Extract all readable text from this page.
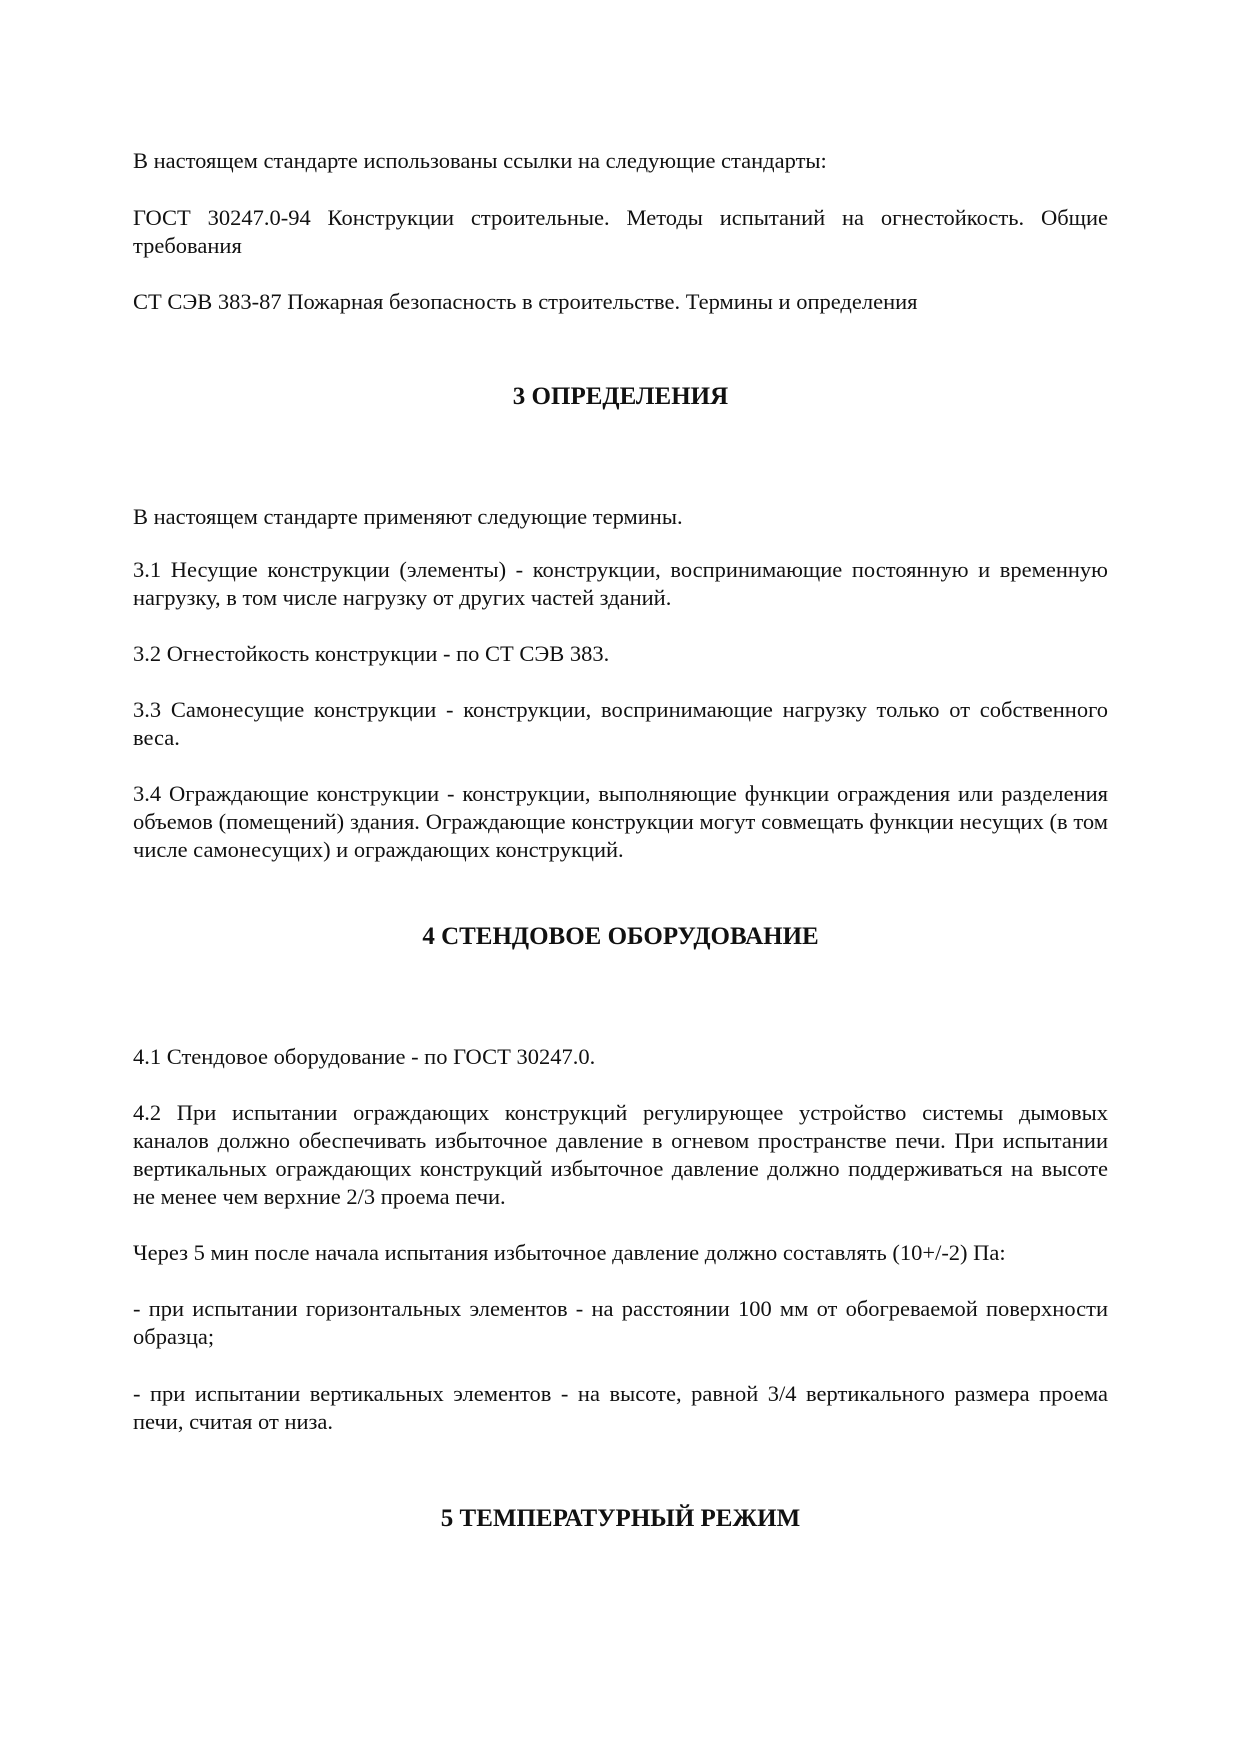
В настоящем стандарте использованы ссылки на следующие стандарты:

ГОСТ 30247.0-94 Конструкции строительные. Методы испытаний на огнестойкость. Общие требования

СТ СЭВ 383-87 Пожарная безопасность в строительстве. Термины и определения

3 ОПРЕДЕЛЕНИЯ

В настоящем стандарте применяют следующие термины.

3.1 Несущие конструкции (элементы) - конструкции, воспринимающие постоянную и временную нагрузку, в том числе нагрузку от других частей зданий.

3.2 Огнестойкость конструкции - по СТ СЭВ 383.

3.3 Самонесущие конструкции - конструкции, воспринимающие нагрузку только от собственного веса.

3.4 Ограждающие конструкции - конструкции, выполняющие функции ограждения или разделения объемов (помещений) здания. Ограждающие конструкции могут совмещать функции несущих (в том числе самонесущих) и ограждающих конструкций.

4 СТЕНДОВОЕ ОБОРУДОВАНИЕ

4.1 Стендовое оборудование - по ГОСТ 30247.0.

4.2 При испытании ограждающих конструкций регулирующее устройство системы дымовых каналов должно обеспечивать избыточное давление в огневом пространстве печи. При испытании вертикальных ограждающих конструкций избыточное давление должно поддерживаться на высоте не менее чем верхние 2/3 проема печи.

Через 5 мин после начала испытания избыточное давление должно составлять (10+/-2) Па:

- при испытании горизонтальных элементов - на расстоянии 100 мм от обогреваемой поверхности образца;

- при испытании вертикальных элементов - на высоте, равной 3/4 вертикального размера проема печи, считая от низа.

5 ТЕМПЕРАТУРНЫЙ РЕЖИМ
